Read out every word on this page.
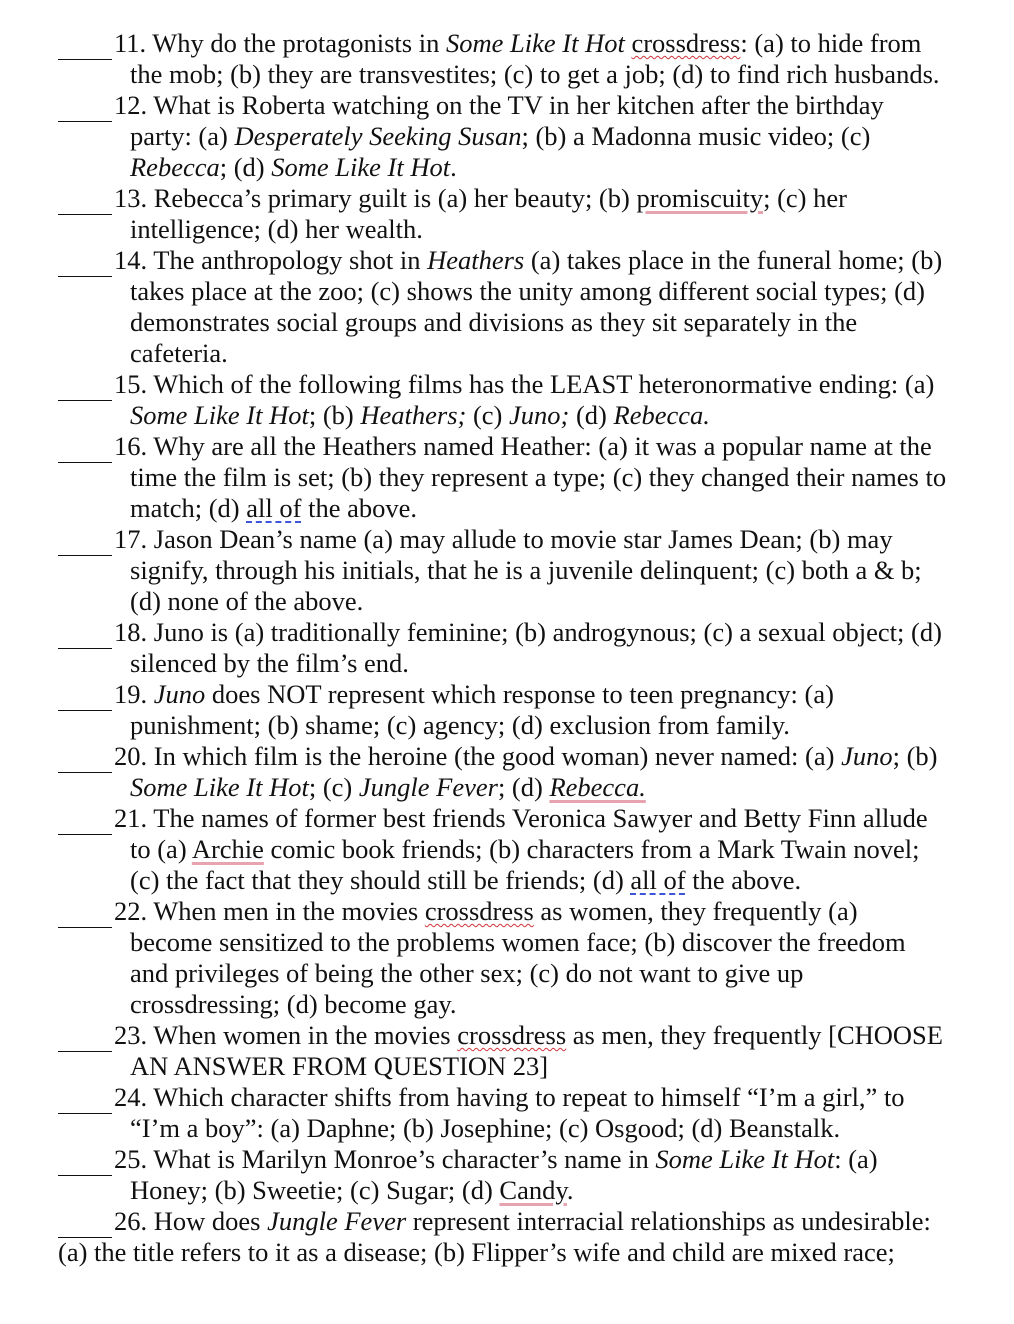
11. Why do the protagonists in Some Like It Hot crossdress: (a) to hide from
the mob; (b) they are transvestites; (c) to get a job; (d) to find rich husbands.
12. What is Roberta watching on the TV in her kitchen after the birthday
party: (a) Desperately Seeking Susan; (b) a Madonna music video; (c)
Rebecca; (d) Some Like It Hot.
13. Rebecca’s primary guilt is (a) her beauty; (b) promiscuity; (c) her
intelligence; (d) her wealth.
14. The anthropology shot in Heathers (a) takes place in the funeral home; (b)
takes place at the zoo; (c) shows the unity among different social types; (d)
demonstrates social groups and divisions as they sit separately in the
cafeteria.
15. Which of the following films has the LEAST heteronormative ending: (a)
Some Like It Hot; (b) Heathers; (c) Juno; (d) Rebecca.
16. Why are all the Heathers named Heather: (a) it was a popular name at the
time the film is set; (b) they represent a type; (c) they changed their names to
match; (d) all of the above.
17. Jason Dean’s name (a) may allude to movie star James Dean; (b) may
signify, through his initials, that he is a juvenile delinquent; (c) both a & b;
(d) none of the above.
18. Juno is (a) traditionally feminine; (b) androgynous; (c) a sexual object; (d)
silenced by the film’s end.
19. Juno does NOT represent which response to teen pregnancy: (a)
punishment; (b) shame; (c) agency; (d) exclusion from family.
20. In which film is the heroine (the good woman) never named: (a) Juno; (b)
Some Like It Hot; (c) Jungle Fever; (d) Rebecca.
21. The names of former best friends Veronica Sawyer and Betty Finn allude
to (a) Archie comic book friends; (b) characters from a Mark Twain novel;
(c) the fact that they should still be friends; (d) all of the above.
22. When men in the movies crossdress as women, they frequently (a)
become sensitized to the problems women face; (b) discover the freedom
and privileges of being the other sex; (c) do not want to give up
crossdressing; (d) become gay.
23. When women in the movies crossdress as men, they frequently [CHOOSE
AN ANSWER FROM QUESTION 23]
24. Which character shifts from having to repeat to himself “I’m a girl,” to
“I’m a boy”: (a) Daphne; (b) Josephine; (c) Osgood; (d) Beanstalk.
25. What is Marilyn Monroe’s character’s name in Some Like It Hot: (a)
Honey; (b) Sweetie; (c) Sugar; (d) Candy.
26. How does Jungle Fever represent interracial relationships as undesirable:
(a) the title refers to it as a disease; (b) Flipper’s wife and child are mixed race;
